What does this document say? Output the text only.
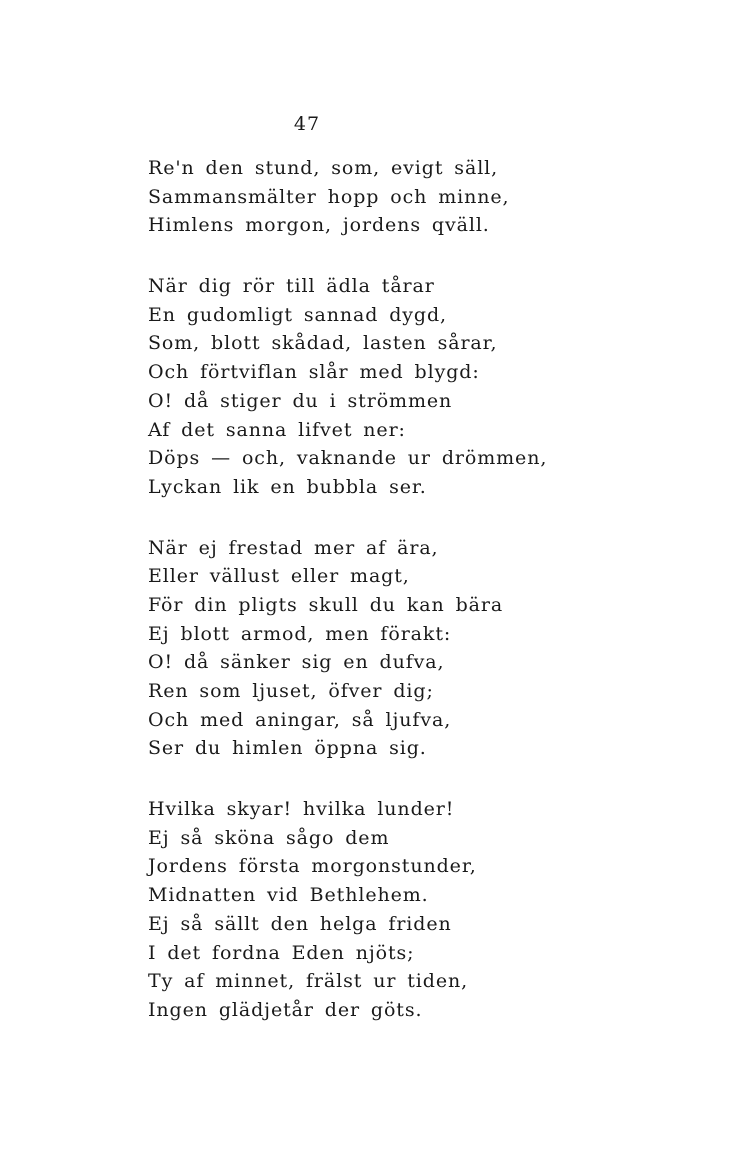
47
Re'n den stund, som, evigt säll,
Sammansmälter hopp och minne,
Himlens morgon, jordens qväll.
När dig rör till ädla tårar
En gudomligt sannad dygd,
Som, blott skådad, lasten sårar,
Och förtviflan slår med blygd:
O! då stiger du i strömmen
Af det sanna lifvet ner:
Döps — och, vaknande ur drömmen,
Lyckan lik en bubbla ser.
När ej frestad mer af ära,
Eller vällust eller magt,
För din pligts skull du kan bära
Ej blott armod, men förakt:
O! då sänker sig en dufva,
Ren som ljuset, öfver dig;
Och med aningar, så ljufva,
Ser du himlen öppna sig.
Hvilka skyar! hvilka lunder!
Ej så sköna sågo dem
Jordens första morgonstunder,
Midnatten vid Bethlehem.
Ej så sällt den helga friden
I det fordna Eden njöts;
Ty af minnet, frälst ur tiden,
Ingen glädjetår der göts.
